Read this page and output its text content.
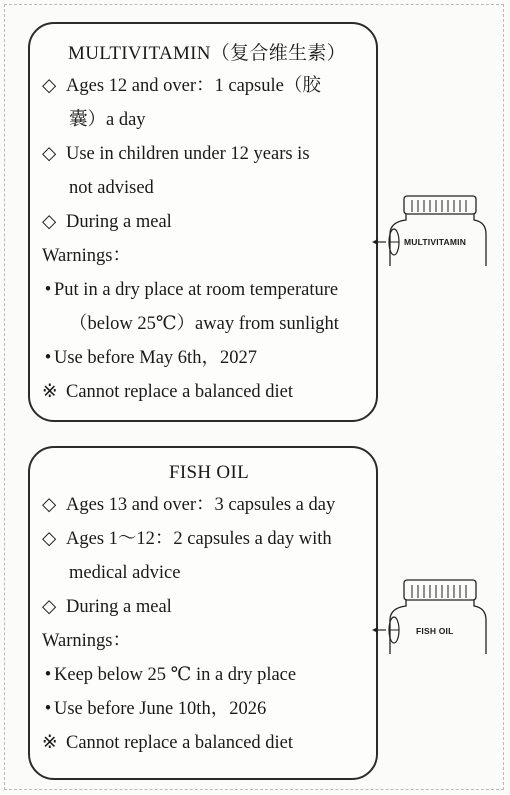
MULTIVITAMIN（复合维生素）
◇ Ages 12 and over：1 capsule（胶
囊）a day
◇ Use in children under 12 years is
not advised
◇ During a meal
Warnings：
• Put in a dry place at room temperature
（below 25℃）away from sunlight
• Use before May 6th，2027
※ Cannot replace a balanced diet
MULTIVITAMIN
FISH OIL
◇ Ages 13 and over：3 capsules a day
◇ Ages 1～12：2 capsules a day with
medical advice
◇ During a meal
Warnings：
• Keep below 25 ℃ in a dry place
• Use before June 10th，2026
※ Cannot replace a balanced diet
FISH OIL
